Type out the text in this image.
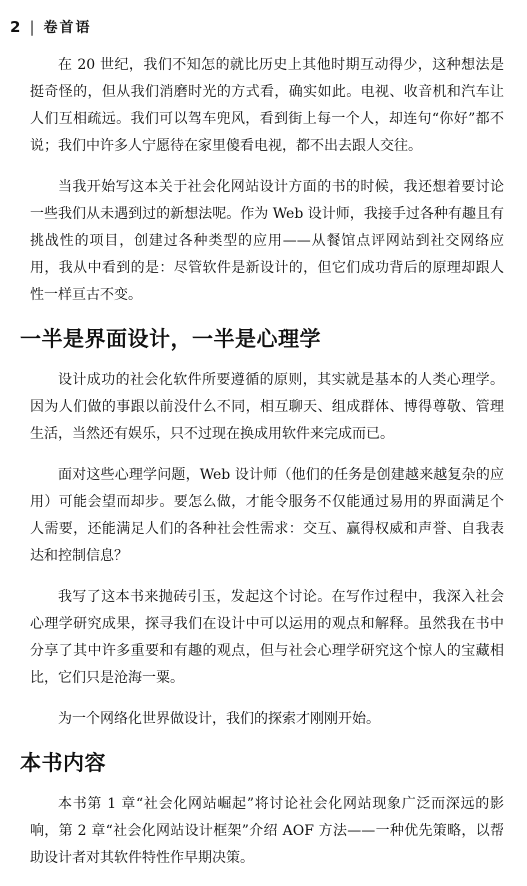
2 | 卷首语

在 20 世纪，我们不知怎的就比历史上其他时期互动得少，这种想法是挺奇怪的，但从我们消磨时光的方式看，确实如此。电视、收音机和汽车让人们互相疏远。我们可以驾车兜风，看到街上每一个人，却连句“你好”都不说；我们中许多人宁愿待在家里傻看电视，都不出去跟人交往。

当我开始写这本关于社会化网站设计方面的书的时候，我还想着要讨论一些我们从未遇到过的新想法呢。作为 Web 设计师，我接手过各种有趣且有挑战性的项目，创建过各种类型的应用——从餐馆点评网站到社交网络应用，我从中看到的是：尽管软件是新设计的，但它们成功背后的原理却跟人性一样亘古不变。

一半是界面设计，一半是心理学

设计成功的社会化软件所要遵循的原则，其实就是基本的人类心理学。因为人们做的事跟以前没什么不同，相互聊天、组成群体、博得尊敬、管理生活，当然还有娱乐，只不过现在换成用软件来完成而已。

面对这些心理学问题，Web 设计师（他们的任务是创建越来越复杂的应用）可能会望而却步。要怎么做，才能令服务不仅能通过易用的界面满足个人需要，还能满足人们的各种社会性需求：交互、赢得权威和声誉、自我表达和控制信息？

我写了这本书来抛砖引玉，发起这个讨论。在写作过程中，我深入社会心理学研究成果，探寻我们在设计中可以运用的观点和解释。虽然我在书中分享了其中许多重要和有趣的观点，但与社会心理学研究这个惊人的宝藏相比，它们只是沧海一粟。

为一个网络化世界做设计，我们的探索才刚刚开始。

本书内容

本书第 1 章“社会化网站崛起”将讨论社会化网站现象广泛而深远的影响，第 2 章“社会化网站设计框架”介绍 AOF 方法——一种优先策略，以帮助设计者对其软件特性作早期决策。
